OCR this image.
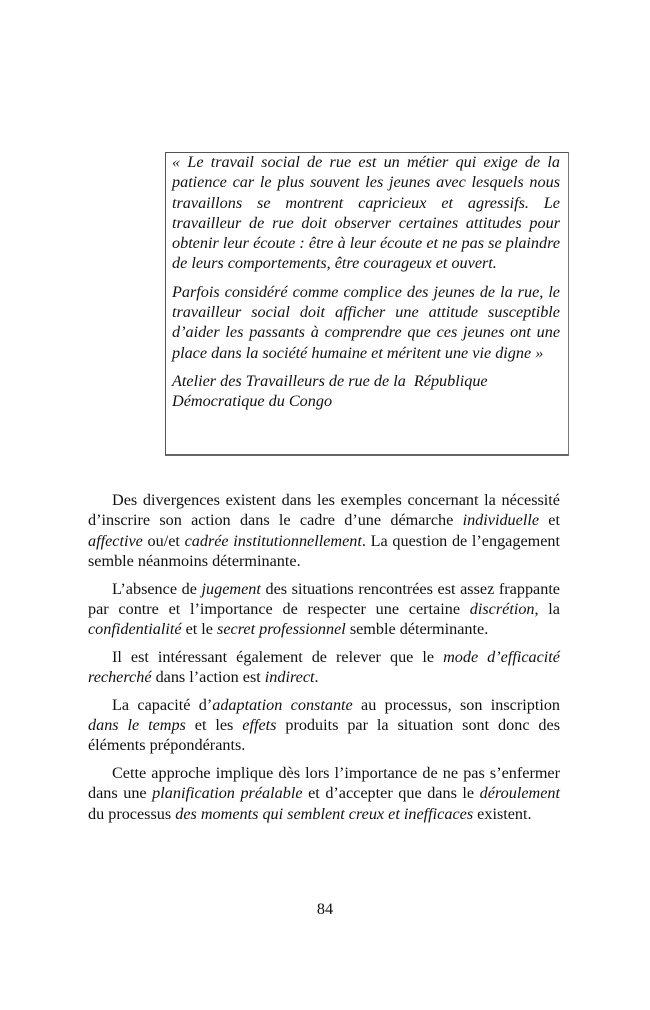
« Le travail social de rue est un métier qui exige de la patience car le plus souvent les jeunes avec lesquels nous travaillons se montrent capricieux et agressifs. Le travailleur de rue doit observer certaines attitudes pour obtenir leur écoute : être à leur écoute et ne pas se plaindre de leurs comportements, être courageux et ouvert.

Parfois considéré comme complice des jeunes de la rue, le travailleur social doit afficher une attitude susceptible d’aider les passants à comprendre que ces jeunes ont une place dans la société humaine et méritent une vie digne »

Atelier des Travailleurs de rue de la  République
Démocratique du Congo

Des divergences existent dans les exemples concernant la nécessité d’inscrire son action dans le cadre d’une démarche individuelle et affective ou/et cadrée institutionnellement. La question de l’engagement semble néanmoins déterminante.

L’absence de jugement des situations rencontrées est assez frappante par contre et l’importance de respecter une certaine discrétion, la confidentialité et le secret professionnel semble déterminante.

Il est intéressant également de relever que le mode d’efficacité recherché dans l’action est indirect.

La capacité d’adaptation constante au processus, son inscription dans le temps et les effets produits par la situation sont donc des éléments prépondérants.

Cette approche implique dès lors l’importance de ne pas s’enfermer dans une planification préalable et d’accepter que dans le déroulement du processus des moments qui semblent creux et inefficaces existent.

84
